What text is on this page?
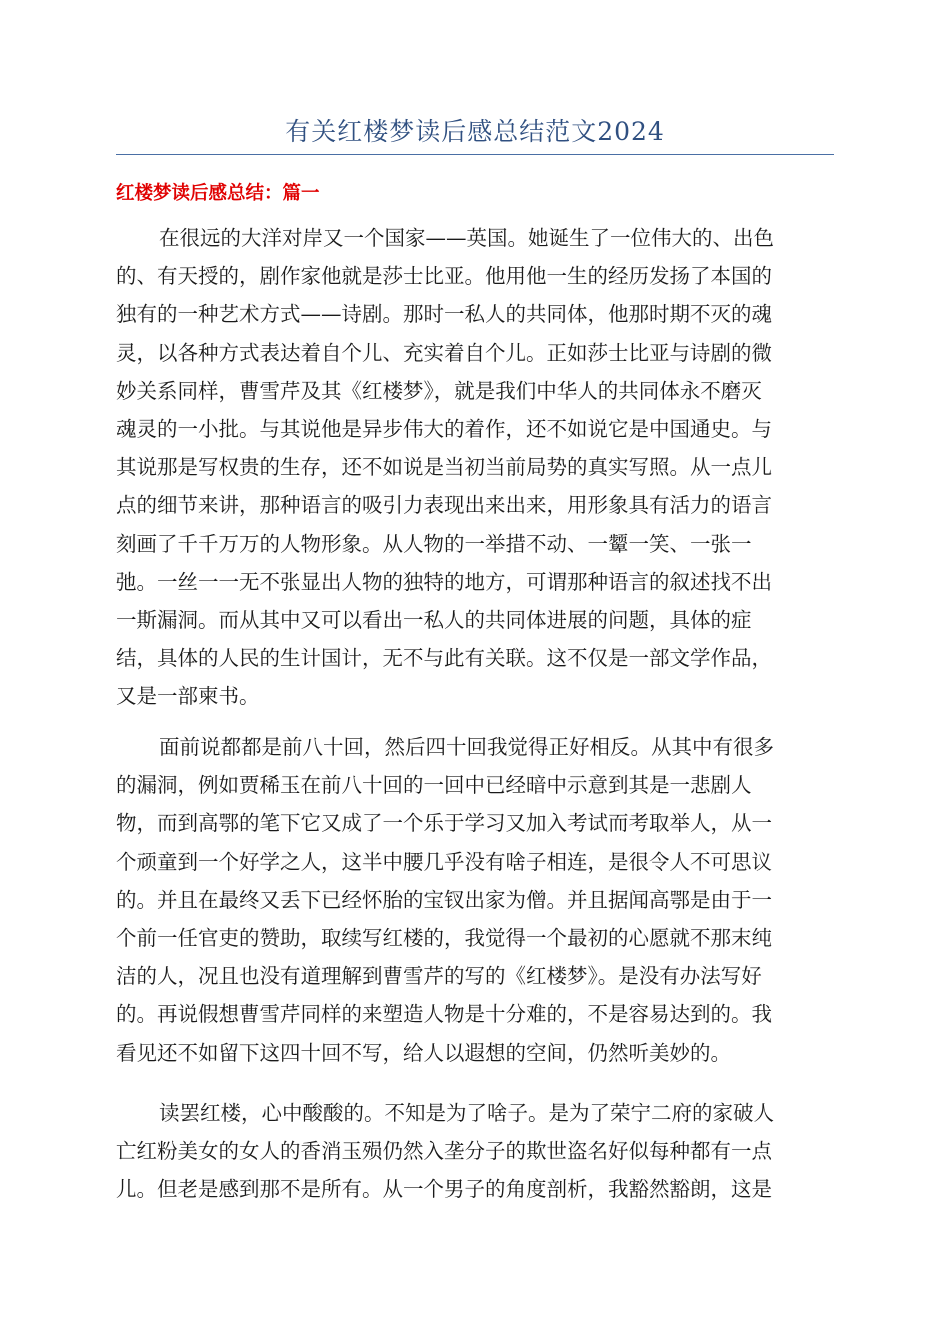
有关红楼梦读后感总结范文2024
红楼梦读后感总结：篇一
在很远的大洋对岸又一个国家——英国。她诞生了一位伟大的、出色
的、有天授的，剧作家他就是莎士比亚。他用他一生的经历发扬了本国的
独有的一种艺术方式——诗剧。那时一私人的共同体，他那时期不灭的魂
灵，以各种方式表达着自个儿、充实着自个儿。正如莎士比亚与诗剧的微
妙关系同样，曹雪芹及其《红楼梦》，就是我们中华人的共同体永不磨灭
魂灵的一小批。与其说他是异步伟大的着作，还不如说它是中国通史。与
其说那是写权贵的生存，还不如说是当初当前局势的真实写照。从一点儿
点的细节来讲，那种语言的吸引力表现出来出来，用形象具有活力的语言
刻画了千千万万的人物形象。从人物的一举措不动、一颦一笑、一张一
弛。一丝一一无不张显出人物的独特的地方，可谓那种语言的叙述找不出
一斯漏洞。而从其中又可以看出一私人的共同体进展的问题，具体的症
结，具体的人民的生计国计，无不与此有关联。这不仅是一部文学作品，
又是一部柬书。
面前说都都是前八十回，然后四十回我觉得正好相反。从其中有很多
的漏洞，例如贾稀玉在前八十回的一回中已经暗中示意到其是一悲剧人
物，而到高鄂的笔下它又成了一个乐于学习又加入考试而考取举人，从一
个顽童到一个好学之人，这半中腰几乎没有啥子相连，是很令人不可思议
的。并且在最终又丢下已经怀胎的宝钗出家为僧。并且据闻高鄂是由于一
个前一任官吏的赞助，取续写红楼的，我觉得一个最初的心愿就不那末纯
洁的人，况且也没有道理解到曹雪芹的写的《红楼梦》。是没有办法写好
的。再说假想曹雪芹同样的来塑造人物是十分难的，不是容易达到的。我
看见还不如留下这四十回不写，给人以遐想的空间，仍然听美妙的。
读罢红楼，心中酸酸的。不知是为了啥子。是为了荣宁二府的家破人
亡红粉美女的女人的香消玉殒仍然入垄分子的欺世盗名好似每种都有一点
儿。但老是感到那不是所有。从一个男子的角度剖析，我豁然豁朗，这是
